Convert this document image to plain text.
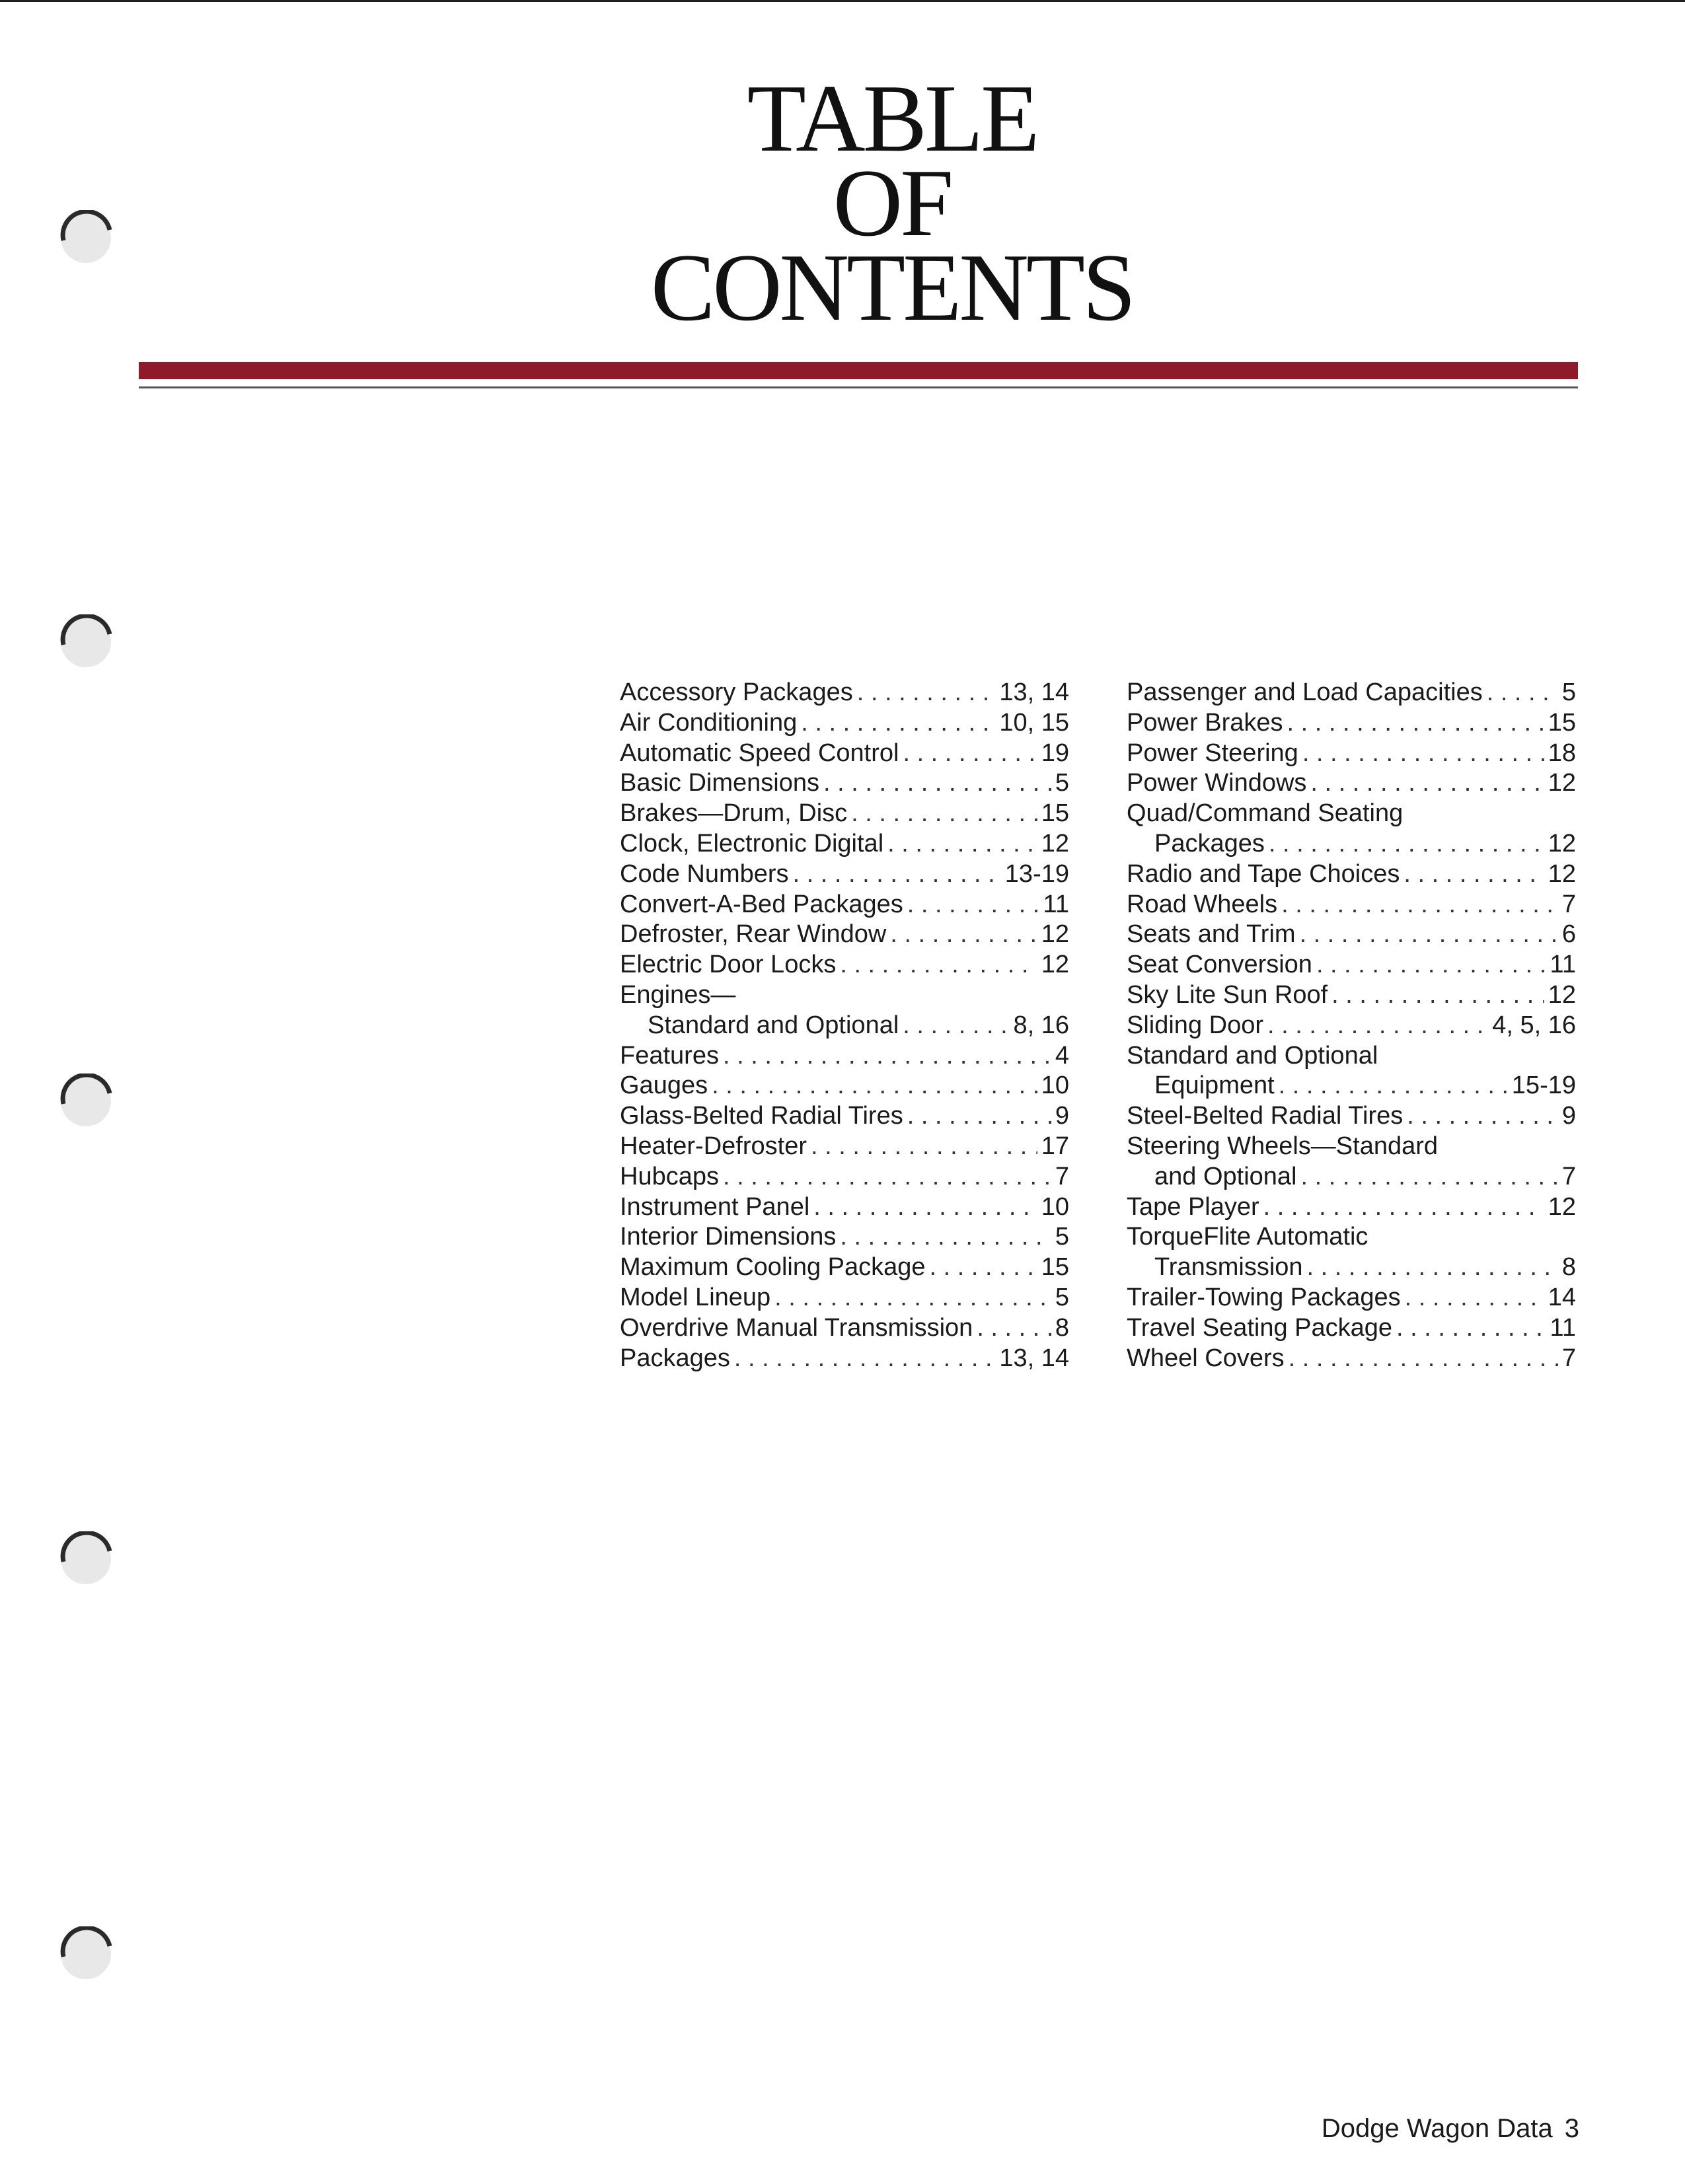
TABLE
OF
CONTENTS
Accessory Packages . . .	13, 14
Air Conditioning . . .	10, 15
Automatic Speed Control . . .	19
Basic Dimensions . . .	5
Brakes—Drum, Disc . . .	15
Clock, Electronic Digital . . .	12
Code Numbers . . .	13-19
Convert-A-Bed Packages . . .	11
Defroster, Rear Window . . .	12
Electric Door Locks . . .	12
Engines—
Standard and Optional . . .	8, 16
Features . . .	4
Gauges . . .	10
Glass-Belted Radial Tires . . .	9
Heater-Defroster . . .	17
Hubcaps . . .	7
Instrument Panel . . .	10
Interior Dimensions . . .	5
Maximum Cooling Package . . .	15
Model Lineup . . .	5
Overdrive Manual Transmission . . .	8
Packages . . .	13, 14
Passenger and Load Capacities . . .	5
Power Brakes . . .	15
Power Steering . . .	18
Power Windows . . .	12
Quad/Command Seating
Packages . . .	12
Radio and Tape Choices . . .	12
Road Wheels . . .	7
Seats and Trim . . .	6
Seat Conversion . . .	11
Sky Lite Sun Roof . . .	12
Sliding Door . . .	4, 5, 16
Standard and Optional
Equipment . . .	15-19
Steel-Belted Radial Tires . . .	9
Steering Wheels—Standard
and Optional . . .	7
Tape Player . . .	12
TorqueFlite Automatic
Transmission . . .	8
Trailer-Towing Packages . . .	14
Travel Seating Package . . .	11
Wheel Covers . . .	7
Dodge Wagon Data 3
